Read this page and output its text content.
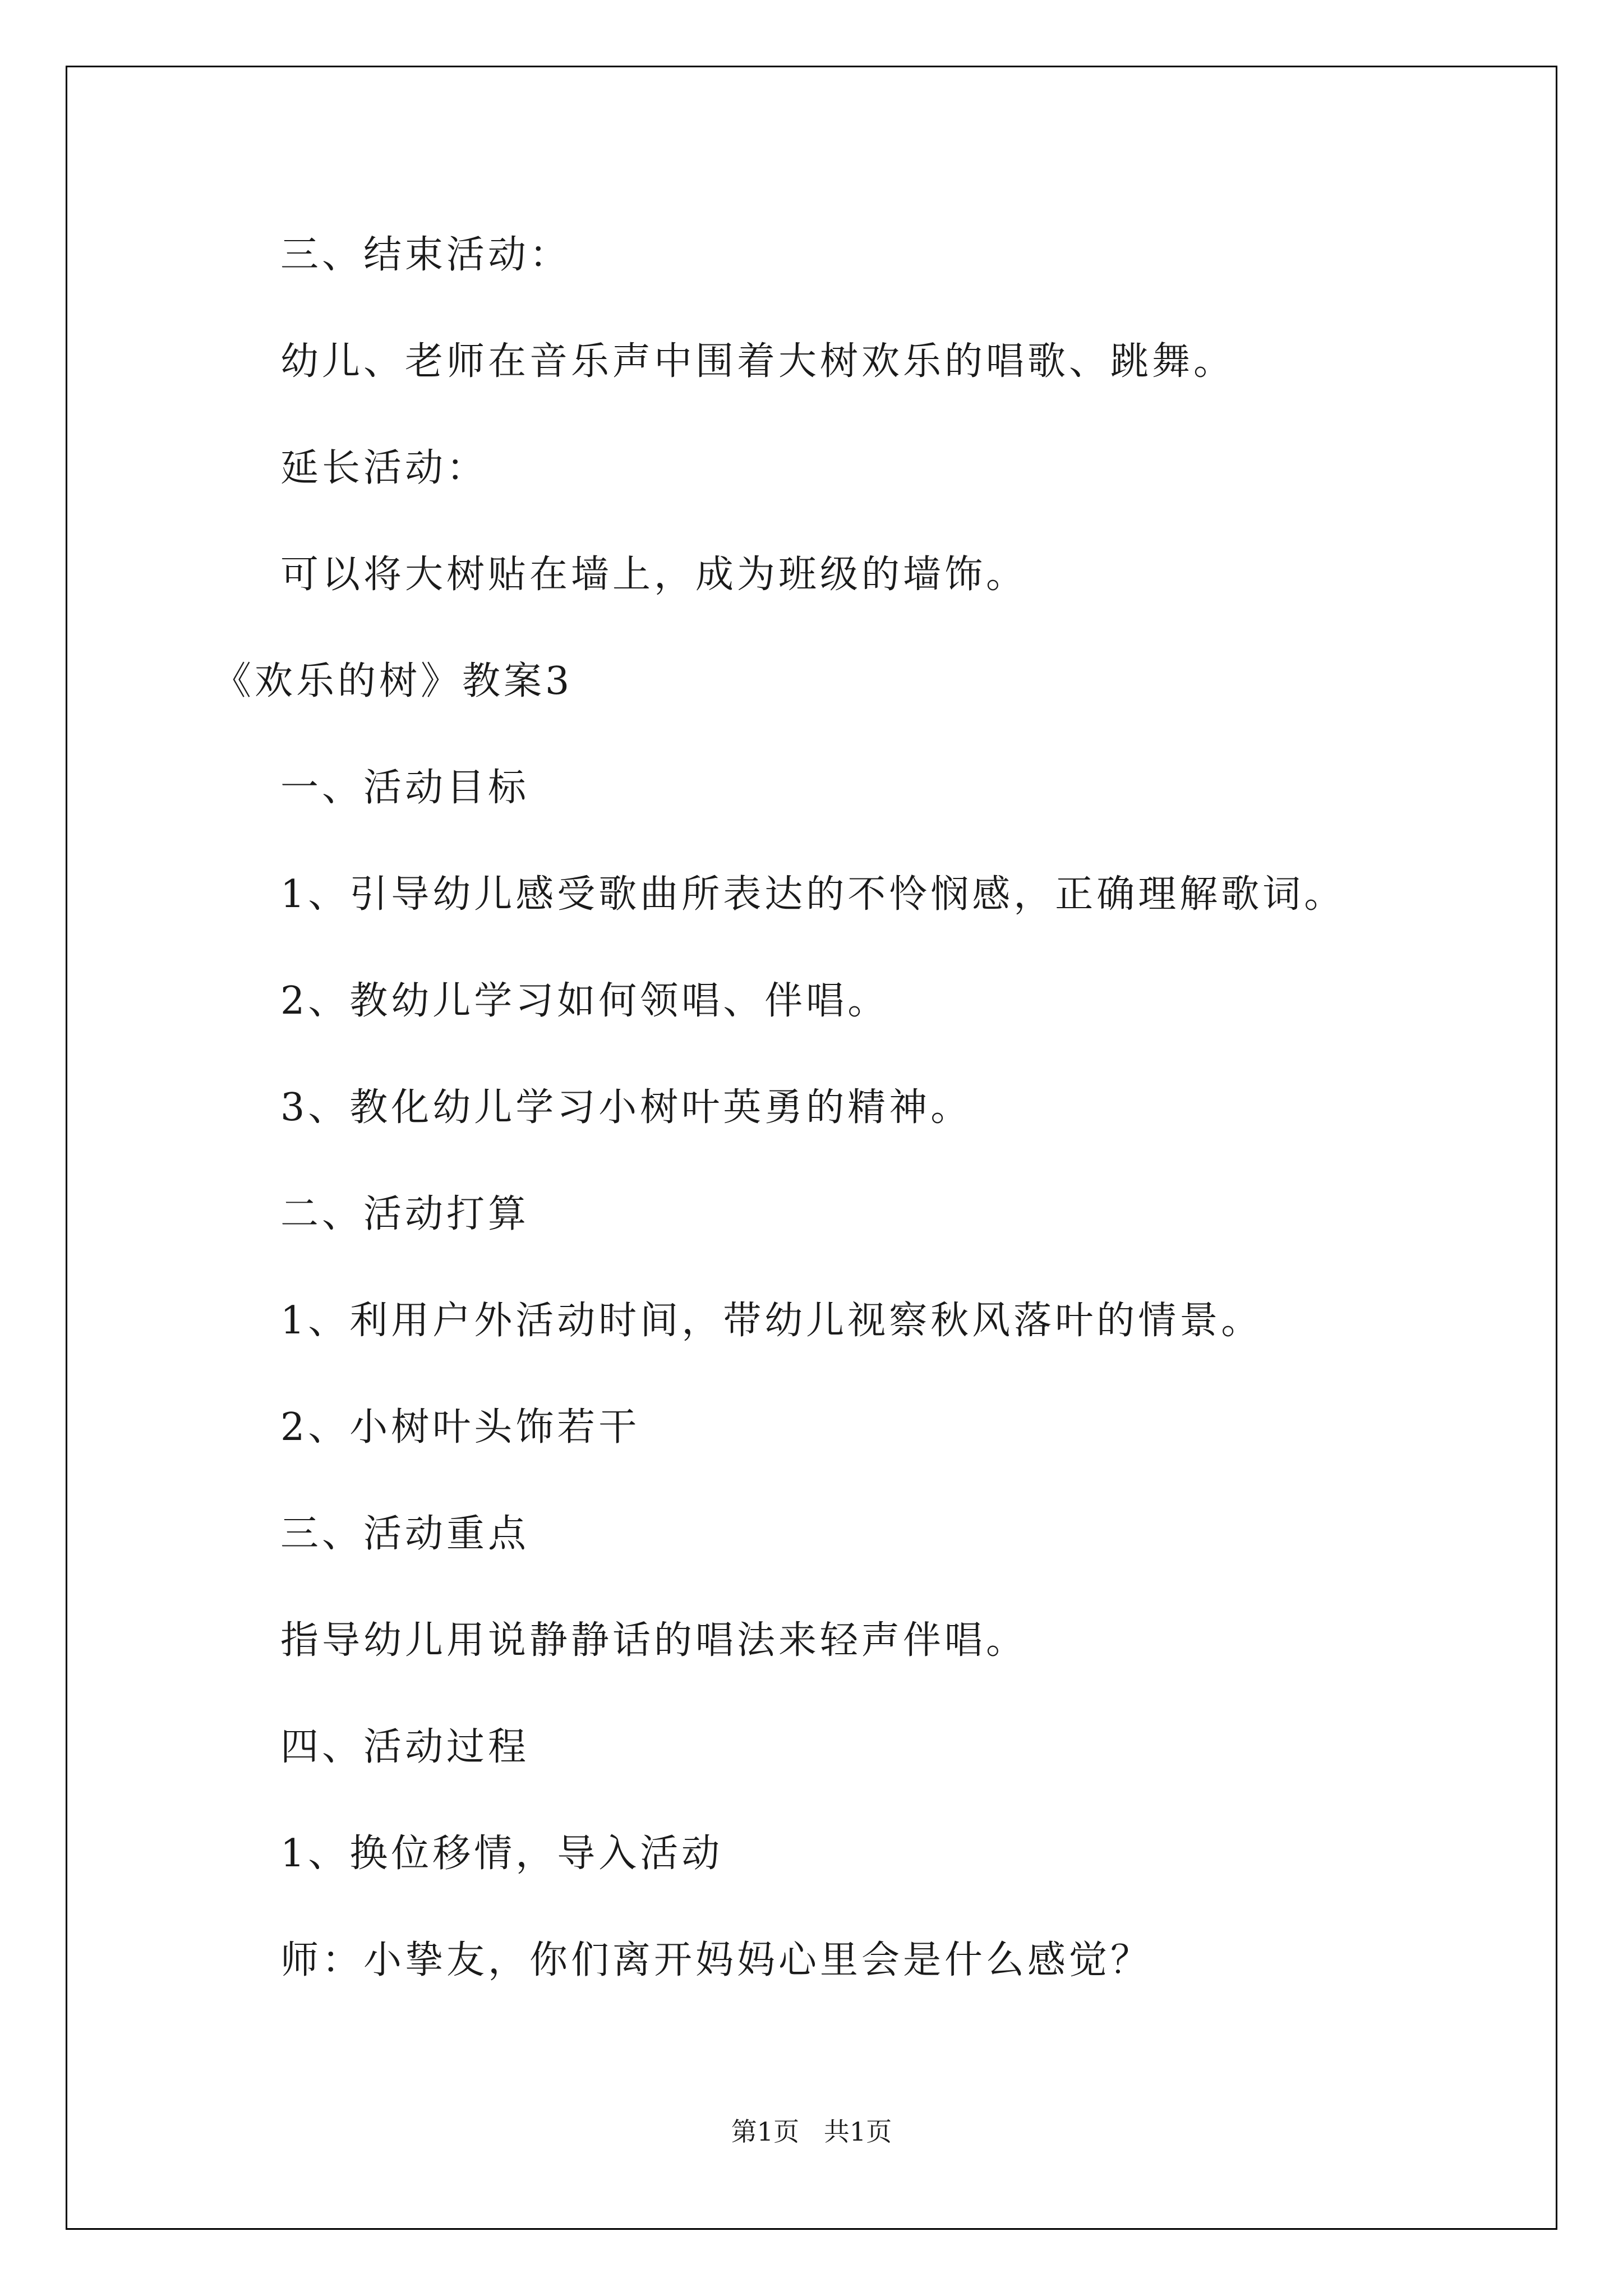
三、结束活动：
幼儿、老师在音乐声中围着大树欢乐的唱歌、跳舞。
延长活动：
可以将大树贴在墙上，成为班级的墙饰。
《欢乐的树》教案3
一、活动目标
1、引导幼儿感受歌曲所表达的不怜悯感，正确理解歌词。
2、教幼儿学习如何领唱、伴唱。
3、教化幼儿学习小树叶英勇的精神。
二、活动打算
1、利用户外活动时间，带幼儿视察秋风落叶的情景。
2、小树叶头饰若干
三、活动重点
指导幼儿用说静静话的唱法来轻声伴唱。
四、活动过程
1、换位移情，导入活动
师：小挚友，你们离开妈妈心里会是什么感觉？
第1页   共1页
